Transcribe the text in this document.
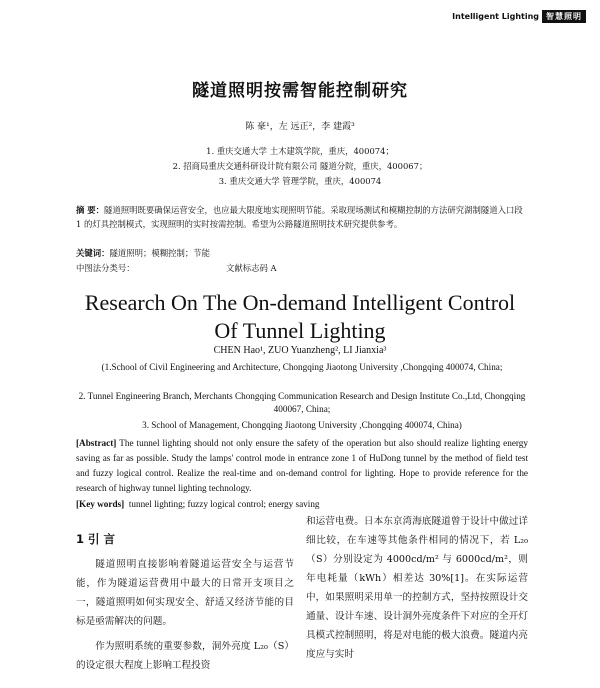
Intelligent Lighting 智慧照明
隧道照明按需智能控制研究
陈 豪¹，左 远正²，李 建霞³
1. 重庆交通大学 土木建筑学院，重庆，400074；
2. 招商局重庆交通科研设计院有限公司 隧道分院，重庆，400067；
3. 重庆交通大学 管理学院，重庆，400074

摘 要：隧道照明既要确保运营安全，也应最大限度地实现照明节能。采取现场测试和模糊控制的方法研究湖制隧道入口段 1 的灯具控制模式，实现照明的实时按需控制。希望为公路隧道照明技术研究提供参考。

关键词：隧道照明；模糊控制；节能
中图法分类号：	文献标志码 A
Research On The On-demand Intelligent Control
Of Tunnel Lighting
CHEN Hao¹, ZUO Yuanzheng², LI Jianxia³
(1.School of Civil Engineering and Architecture, Chongqing Jiaotong University ,Chongqing 400074, China;
2. Tunnel Engineering Branch, Merchants Chongqing Communication Research and Design Institute Co.,Ltd, Chongqing 400067, China;
3. School of Management, Chongqing Jiaotong University ,Chongqing 400074, China)

[Abstract] The tunnel lighting should not only ensure the safety of the operation but also should realize lighting energy saving as far as possible. Study the lamps' control mode in entrance zone 1 of HuDong tunnel by the method of field test and fuzzy logical control. Realize the real-time and on-demand control for lighting. Hope to provide reference for the research of highway tunnel lighting technology.

[Key words] tunnel lighting; fuzzy logical control; energy saving
1 引 言

隧道照明直接影响着隧道运营安全与运营节能，作为隧道运营费用中最大的日常开支项目之一，隧道照明如何实现安全、舒适又经济节能的目标是亟需解决的问题。

作为照明系统的重要参数，洞外亮度 L₂₀（S）的设定很大程度上影响工程投资

和运营电费。日本东京湾海底隧道曾于设计中做过详细比较，在车速等其他条件相同的情况下，若 L₂₀（S）分别设定为 4000cd/m² 与 6000cd/m²，则年电耗量（kWh）相差达 30%[1]。在实际运营中，如果照明采用单一的控制方式，坚持按照设计交通量、设计车速、设计洞外亮度条件下对应的全开灯具模式控制照明，将是对电能的极大浪费。隧道内亮度应与实时
